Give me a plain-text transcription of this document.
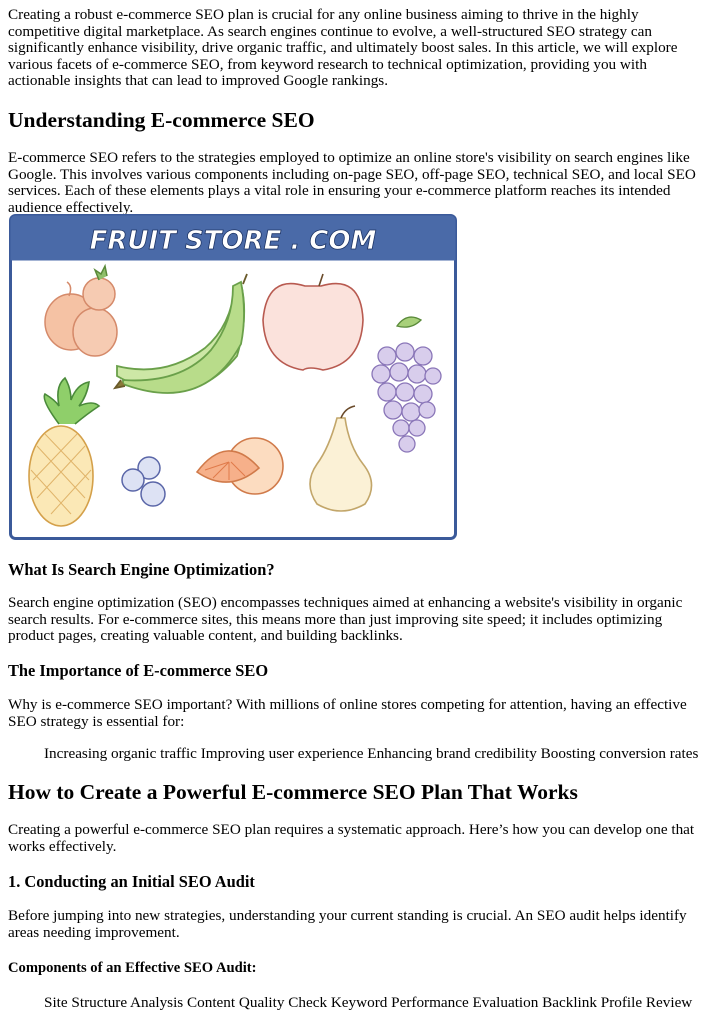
Creating a robust e-commerce SEO plan is crucial for any online business aiming to thrive in the highly competitive digital marketplace. As search engines continue to evolve, a well-structured SEO strategy can significantly enhance visibility, drive organic traffic, and ultimately boost sales. In this article, we will explore various facets of e-commerce SEO, from keyword research to technical optimization, providing you with actionable insights that can lead to improved Google rankings.

Understanding E-commerce SEO

E-commerce SEO refers to the strategies employed to optimize an online store's visibility on search engines like Google. This involves various components including on-page SEO, off-page SEO, technical SEO, and local SEO services. Each of these elements plays a vital role in ensuring your e-commerce platform reaches its intended audience effectively.

FRUIT STORE . COM
What Is Search Engine Optimization?

Search engine optimization (SEO) encompasses techniques aimed at enhancing a website's visibility in organic search results. For e-commerce sites, this means more than just improving site speed; it includes optimizing product pages, creating valuable content, and building backlinks.

The Importance of E-commerce SEO

Why is e-commerce SEO important? With millions of online stores competing for attention, having an effective SEO strategy is essential for:

Increasing organic traffic Improving user experience Enhancing brand credibility Boosting conversion rates

How to Create a Powerful E-commerce SEO Plan That Works

Creating a powerful e-commerce SEO plan requires a systematic approach. Here’s how you can develop one that works effectively.

1. Conducting an Initial SEO Audit

Before jumping into new strategies, understanding your current standing is crucial. An SEO audit helps identify areas needing improvement.

Components of an Effective SEO Audit:

Site Structure Analysis Content Quality Check Keyword Performance Evaluation Backlink Profile Review
